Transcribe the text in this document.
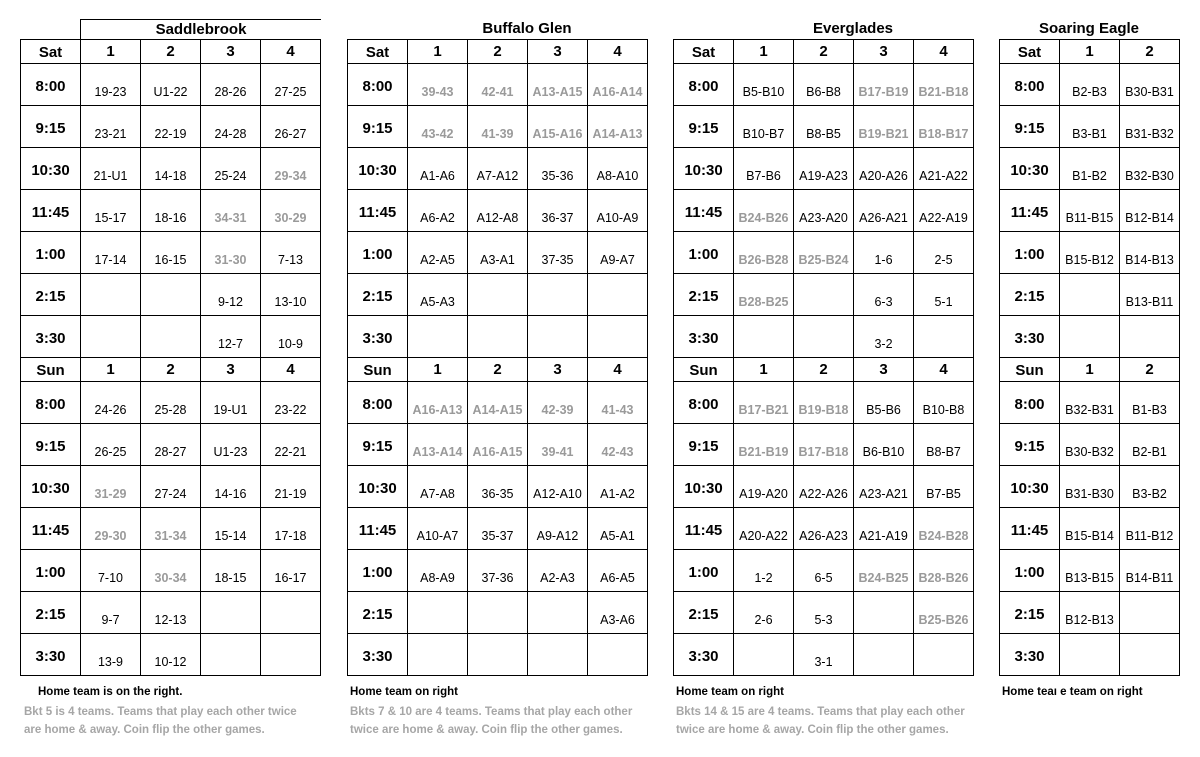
Saddlebrook
Sat	1	2	3	4
8:00	19-23	U1-22	28-26	27-25
9:15	23-21	22-19	24-28	26-27
10:30	21-U1	14-18	25-24	29-34
11:45	15-17	18-16	34-31	30-29
1:00	17-14	16-15	31-30	7-13
2:15			9-12	13-10
3:30			12-7	10-9
Sun	1	2	3	4
8:00	24-26	25-28	19-U1	23-22
9:15	26-25	28-27	U1-23	22-21
10:30	31-29	27-24	14-16	21-19
11:45	29-30	31-34	15-14	17-18
1:00	7-10	30-34	18-15	16-17
2:15	9-7	12-13		
3:30	13-9	10-12		
Home team is on the right.
Bkt 5 is 4 teams. Teams that play each other twice are home & away. Coin flip the other games.
Buffalo Glen
Sat	1	2	3	4
8:00	39-43	42-41	A13-A15	A16-A14
9:15	43-42	41-39	A15-A16	A14-A13
10:30	A1-A6	A7-A12	35-36	A8-A10
11:45	A6-A2	A12-A8	36-37	A10-A9
1:00	A2-A5	A3-A1	37-35	A9-A7
2:15	A5-A3			
3:30				
Sun	1	2	3	4
8:00	A16-A13	A14-A15	42-39	41-43
9:15	A13-A14	A16-A15	39-41	42-43
10:30	A7-A8	36-35	A12-A10	A1-A2
11:45	A10-A7	35-37	A9-A12	A5-A1
1:00	A8-A9	37-36	A2-A3	A6-A5
2:15				A3-A6
3:30				
Home team on right
Bkts 7 & 10 are 4 teams. Teams that play each other twice are home & away. Coin flip the other games.
Everglades
Sat	1	2	3	4
8:00	B5-B10	B6-B8	B17-B19	B21-B18
9:15	B10-B7	B8-B5	B19-B21	B18-B17
10:30	B7-B6	A19-A23	A20-A26	A21-A22
11:45	B24-B26	A23-A20	A26-A21	A22-A19
1:00	B26-B28	B25-B24	1-6	2-5
2:15	B28-B25		6-3	5-1
3:30			3-2	
Sun	1	2	3	4
8:00	B17-B21	B19-B18	B5-B6	B10-B8
9:15	B21-B19	B17-B18	B6-B10	B8-B7
10:30	A19-A20	A22-A26	A23-A21	B7-B5
11:45	A20-A22	A26-A23	A21-A19	B24-B28
1:00	1-2	6-5	B24-B25	B28-B26
2:15	2-6	5-3		B25-B26
3:30		3-1		
Home team on right
Bkts 14 & 15 are 4 teams. Teams that play each other twice are home & away. Coin flip the other games.
Soaring Eagle
Sat	1	2
8:00	B2-B3	B30-B31
9:15	B3-B1	B31-B32
10:30	B1-B2	B32-B30
11:45	B11-B15	B12-B14
1:00	B15-B12	B14-B13
2:15		B13-B11
3:30		
Sun	1	2
8:00	B32-B31	B1-B3
9:15	B30-B32	B2-B1
10:30	B31-B30	B3-B2
11:45	B15-B14	B11-B12
1:00	B13-B15	B14-B11
2:15	B12-B13	
3:30		
Home teaı e team on right
